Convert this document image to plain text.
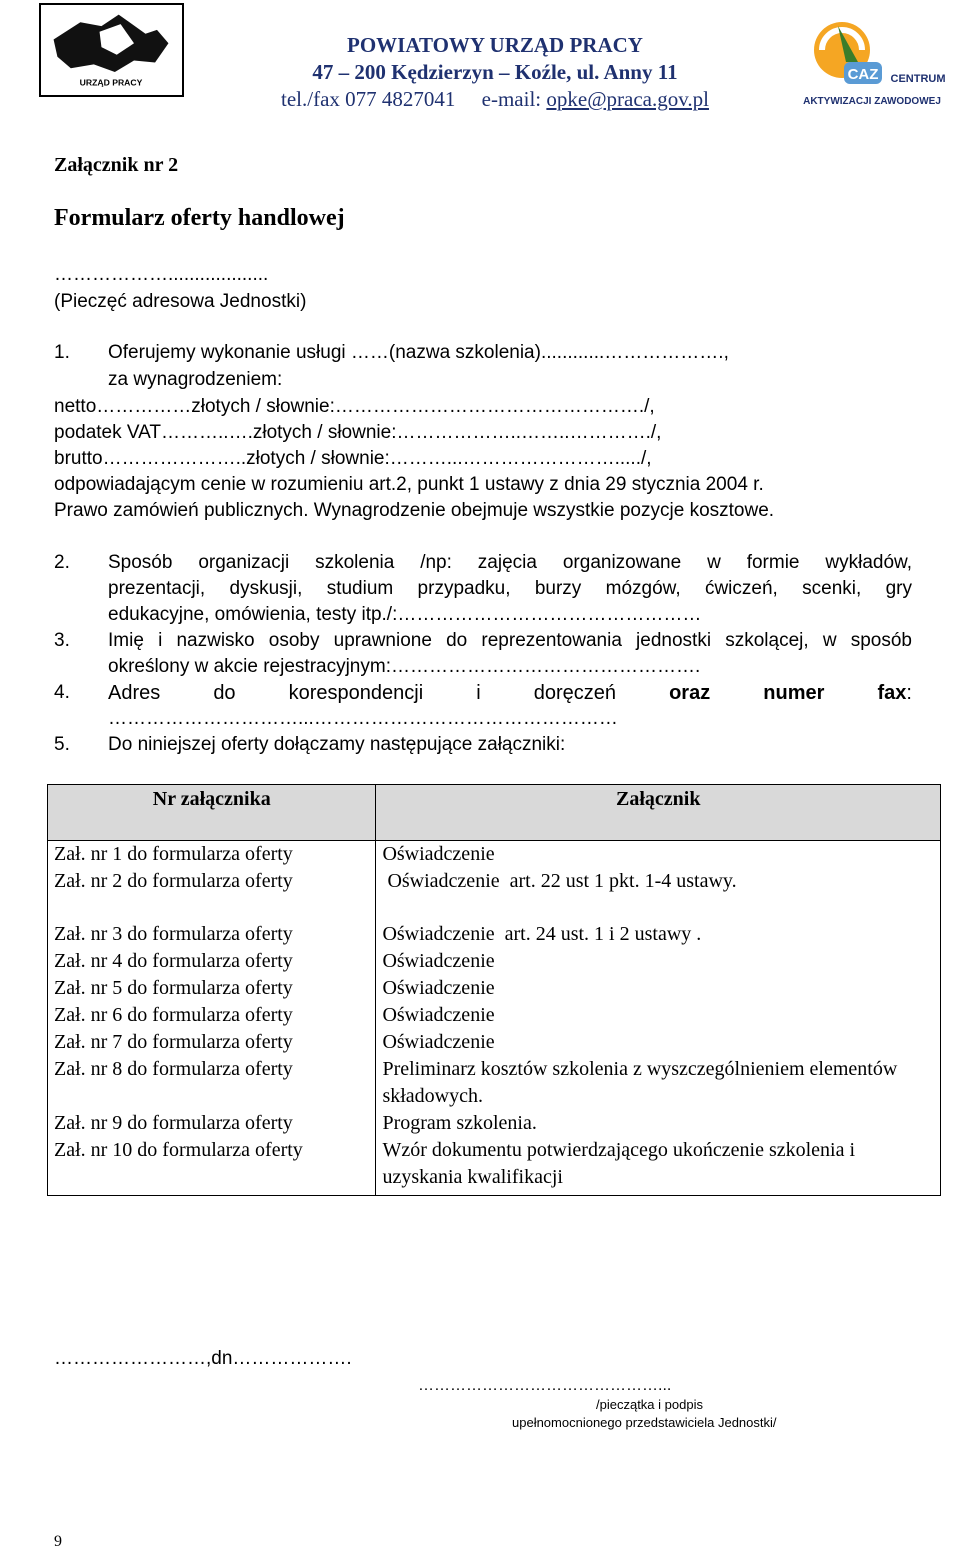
URZĄD PRACY
POWIATOWY URZĄD PRACY
47 – 200 Kędzierzyn – Koźle, ul. Anny 11
tel./fax 077 4827041     e-mail: opke@praca.gov.pl
CAZ CENTRUM
AKTYWIZACJI ZAWODOWEJ
Załącznik nr 2
Formularz oferty handlowej
………………...................
(Pieczęć adresowa Jednostki)
1. Oferujemy wykonanie usługi ……(nazwa szkolenia)............……………….,
za wynagrodzeniem:
netto……………złotych / słownie:…………………………………………./,
podatek VAT………..….złotych / słownie:………………..……..…………./,
brutto…………………..złotych / słownie:………...……………………...../,
odpowiadającym cenie w rozumieniu art.2, punkt 1 ustawy z dnia 29 stycznia 2004 r.
Prawo zamówień publicznych. Wynagrodzenie obejmuje wszystkie pozycje kosztowe.
2. Sposób organizacji szkolenia /np: zajęcia organizowane w formie wykładów,
prezentacji, dyskusji, studium przypadku, burzy mózgów, ćwiczeń, scenki, gry
edukacyjne, omówienia, testy itp./:…………………………………………
3. Imię i nazwisko osoby uprawnione do reprezentowania jednostki szkolącej, w sposób
określony w akcie rejestracyjnym:………………………………………….
4. Adres	do	korespondencji	i	doręczeń	oraz	numer	fax:
…………………………...…………………………………………
5. Do niniejszej oferty dołączamy następujące załączniki:
Nr załącznika	Załącznik
Zał. nr 1 do formularza oferty	Oświadczenie
Zał. nr 2 do formularza oferty	Oświadczenie  art. 22 ust 1 pkt. 1-4 ustawy.

Zał. nr 3 do formularza oferty	Oświadczenie  art. 24 ust. 1 i 2 ustawy .
Zał. nr 4 do formularza oferty	Oświadczenie
Zał. nr 5 do formularza oferty	Oświadczenie
Zał. nr 6 do formularza oferty	Oświadczenie
Zał. nr 7 do formularza oferty	Oświadczenie
Zał. nr 8 do formularza oferty	Preliminarz kosztów szkolenia z wyszczególnieniem elementów składowych.
Zał. nr 9 do formularza oferty	Program szkolenia.
Zał. nr 10 do formularza oferty	Wzór dokumentu potwierdzającego ukończenie szkolenia i uzyskania kwalifikacji
……………………,dn……………….
………………………………………...
/pieczątka i podpis
upełnomocnionego przedstawiciela Jednostki/
9
